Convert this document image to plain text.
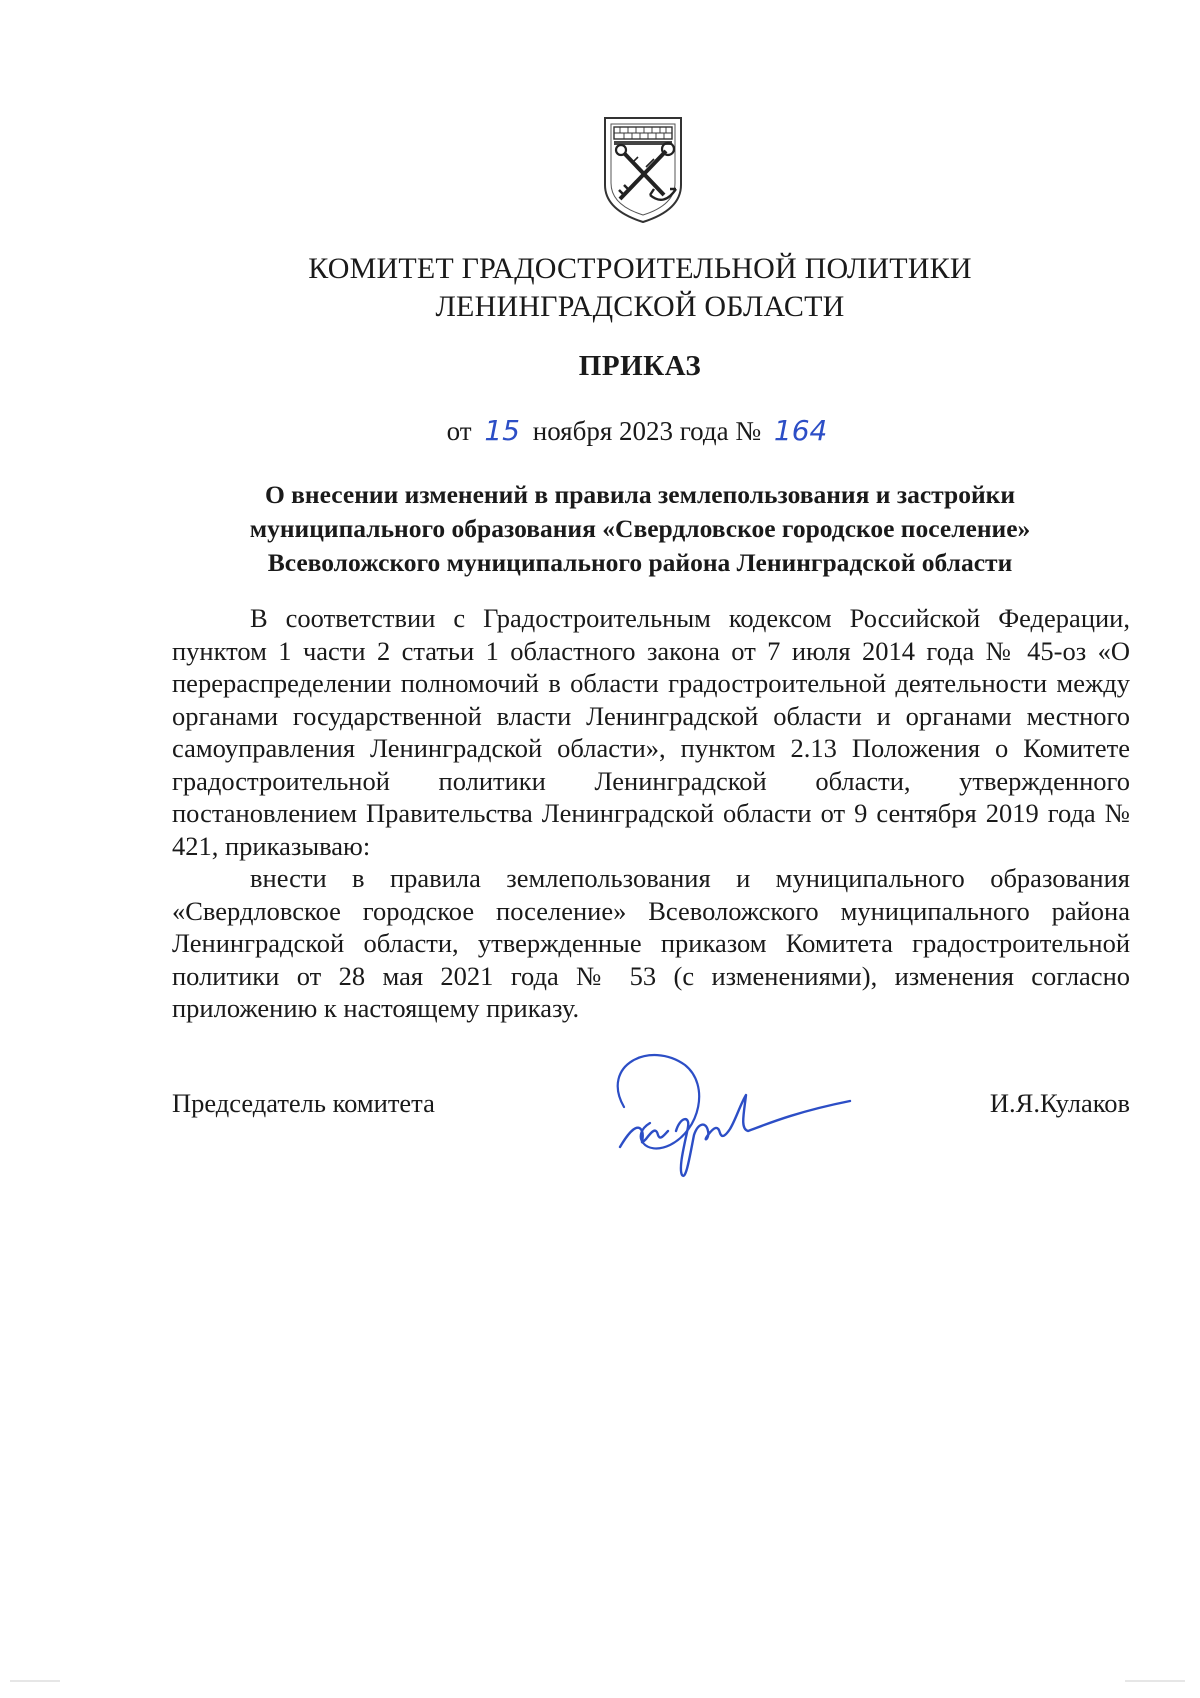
КОМИТЕТ ГРАДОСТРОИТЕЛЬНОЙ ПОЛИТИКИ
ЛЕНИНГРАДСКОЙ ОБЛАСТИ
ПРИКАЗ
от 15 ноября 2023 года № 164
О внесении изменений в правила землепользования и застройки
муниципального образования «Свердловское городское поселение»
Всеволожского муниципального района Ленинградской области

В соответствии с Градостроительным кодексом Российской Федерации, пунктом 1 части 2 статьи 1 областного закона от 7 июля 2014 года № 45-оз «О перераспределении полномочий в области градостроительной деятельности между органами государственной власти Ленинградской области и органами местного самоуправления Ленинградской области», пунктом 2.13 Положения о Комитете градостроительной политики Ленинградской области, утвержденного постановлением Правительства Ленинградской области от 9 сентября 2019 года № 421, приказываю:

внести в правила землепользования и муниципального образования «Свердловское городское поселение» Всеволожского муниципального района Ленинградской области, утвержденные приказом Комитета градостроительной политики от 28 мая 2021 года № 53 (с изменениями), изменения согласно приложению к настоящему приказу.

Председатель комитета	И.Я.Кулаков
